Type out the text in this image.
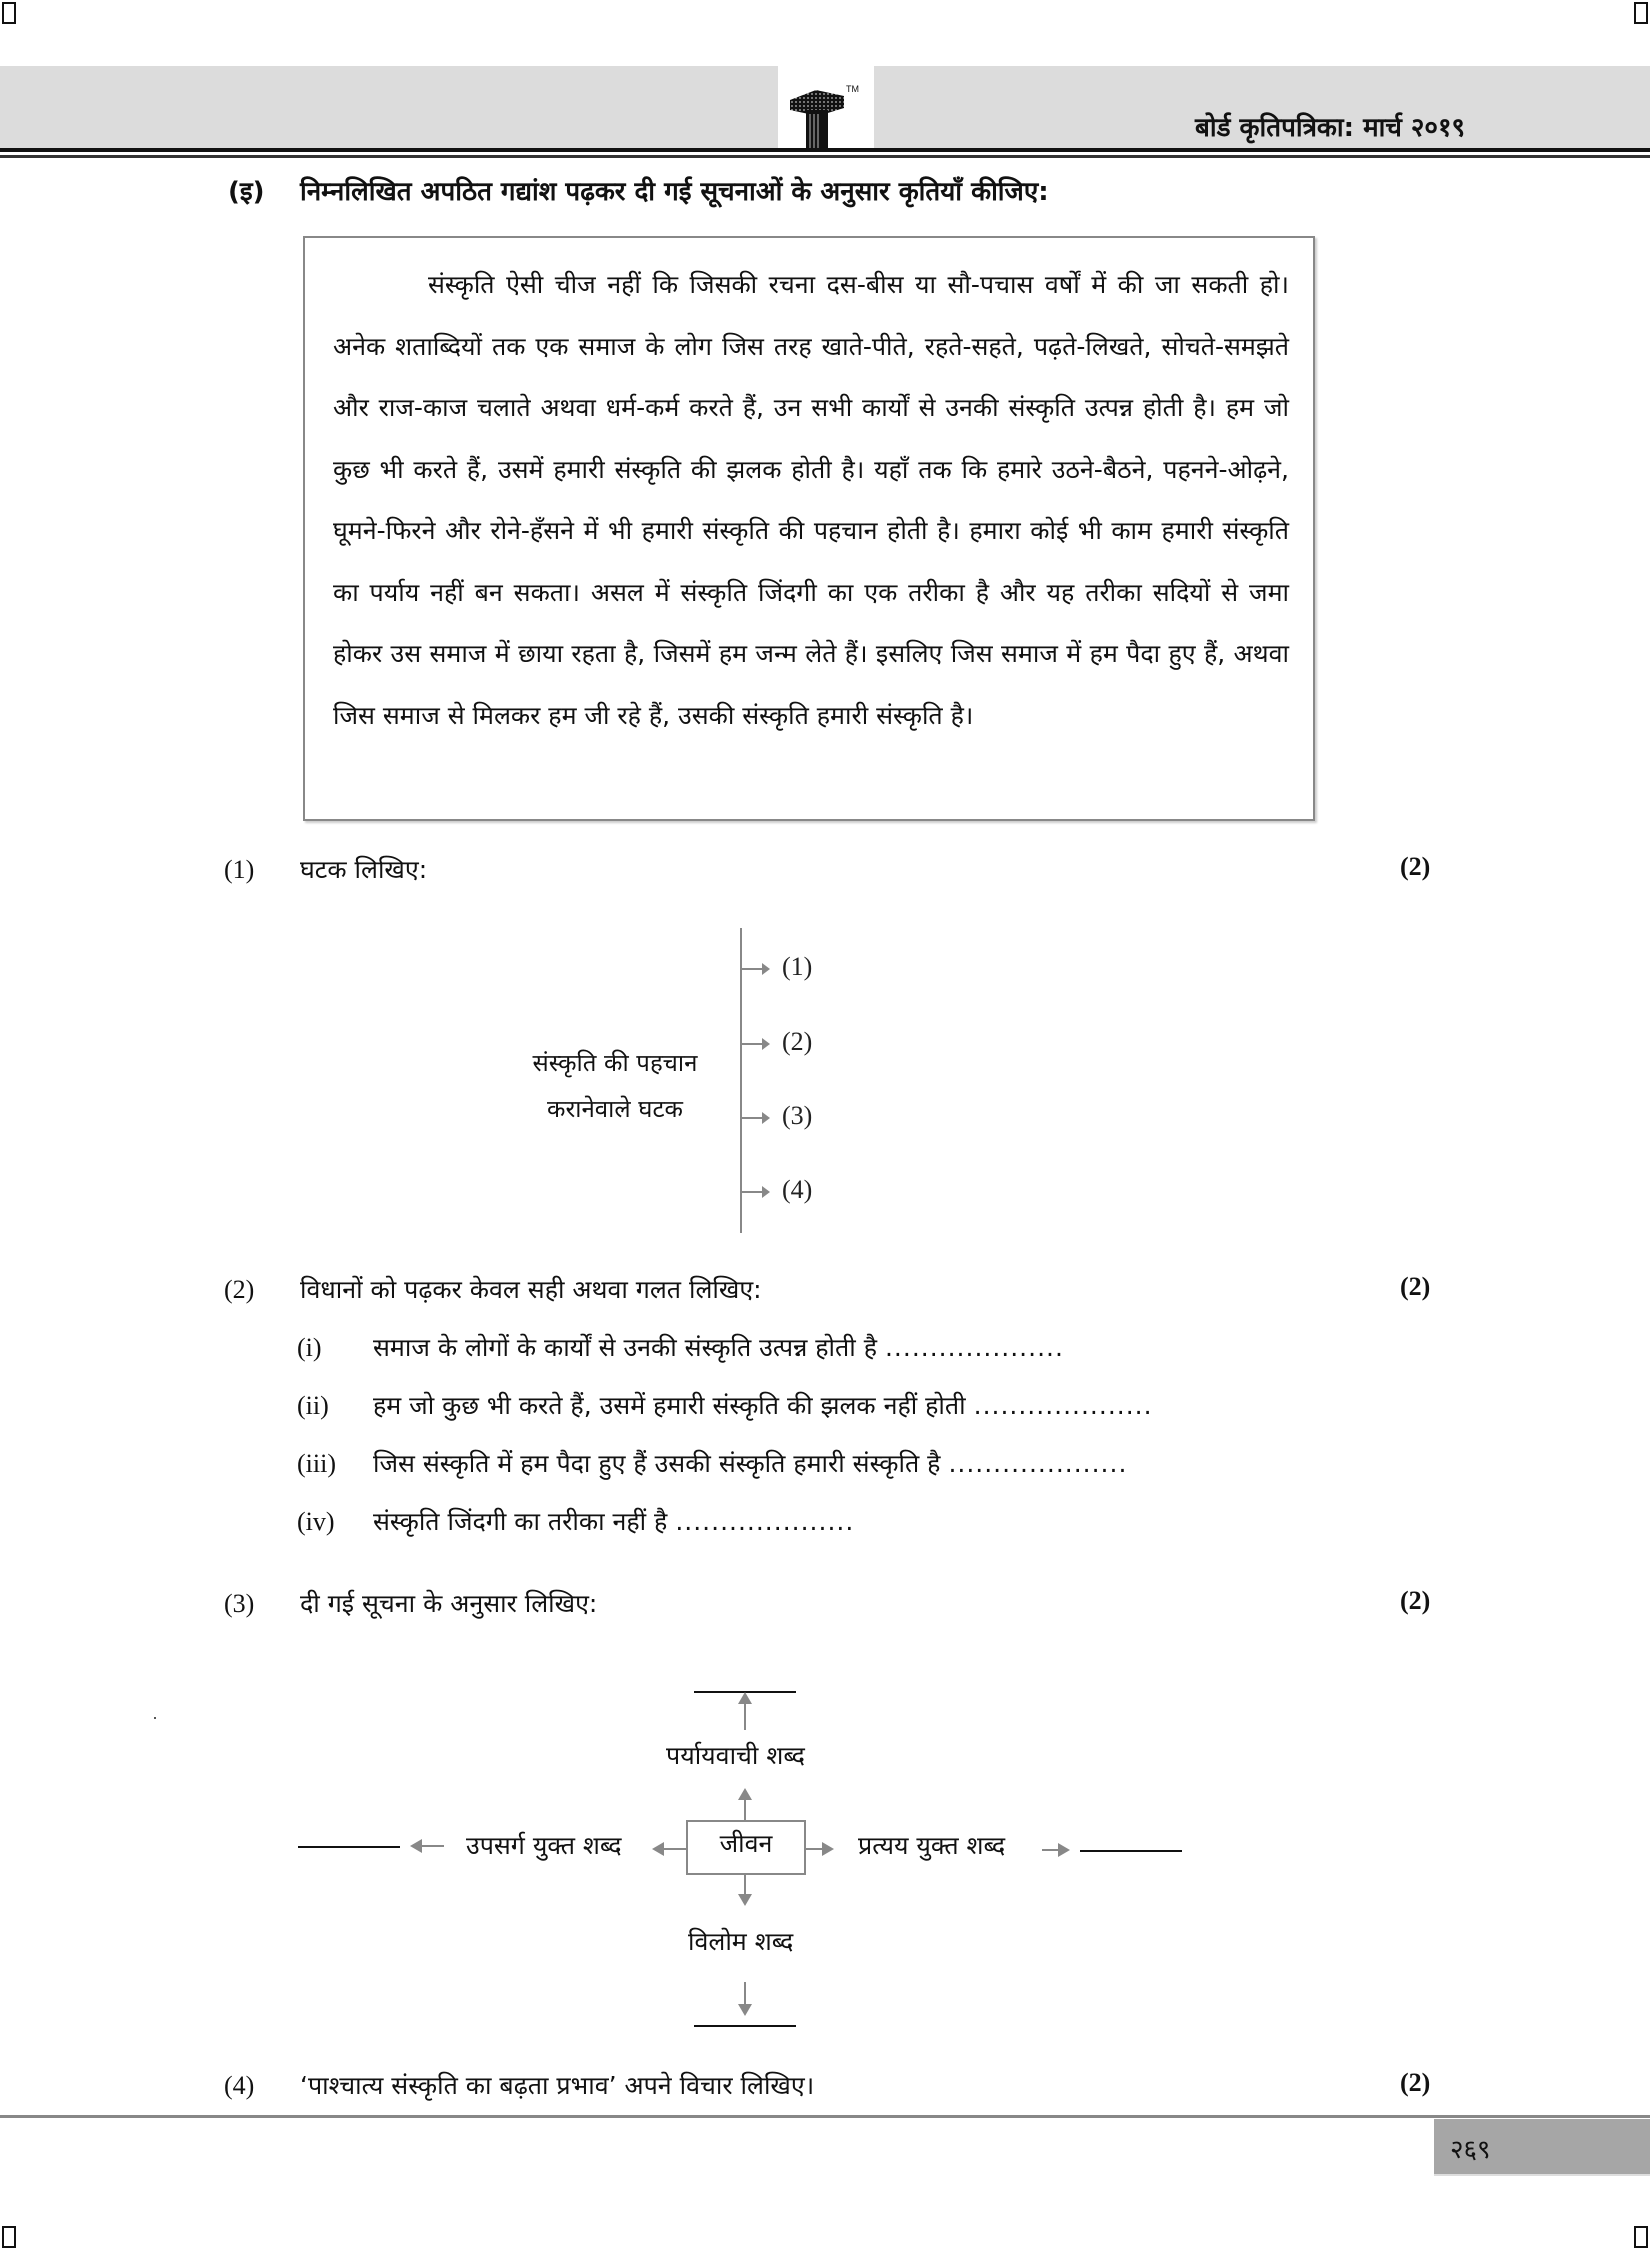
TM
बोर्ड कृतिपत्रिका: मार्च २०१९
(इ) निम्नलिखित अपठित गद्यांश पढ़कर दी गई सूचनाओं के अनुसार कृतियाँ कीजिए:

संस्कृति ऐसी चीज नहीं कि जिसकी रचना दस-बीस या सौ-पचास वर्षों में की जा सकती हो। अनेक शताब्दियों तक एक समाज के लोग जिस तरह खाते-पीते, रहते-सहते, पढ़ते-लिखते, सोचते-समझते और राज-काज चलाते अथवा धर्म-कर्म करते हैं, उन सभी कार्यों से उनकी संस्कृति उत्पन्न होती है। हम जो कुछ भी करते हैं, उसमें हमारी संस्कृति की झलक होती है। यहाँ तक कि हमारे उठने-बैठने, पहनने-ओढ़ने, घूमने-फिरने और रोने-हँसने में भी हमारी संस्कृति की पहचान होती है। हमारा कोई भी काम हमारी संस्कृति का पर्याय नहीं बन सकता। असल में संस्कृति जिंदगी का एक तरीका है और यह तरीका सदियों से जमा होकर उस समाज में छाया रहता है, जिसमें हम जन्म लेते हैं। इसलिए जिस समाज में हम पैदा हुए हैं, अथवा जिस समाज से मिलकर हम जी रहे हैं, उसकी संस्कृति हमारी संस्कृति है।

(1) घटक लिखिए:	(2)
संस्कृति की पहचान
करानेवाले घटक
(1)
(2)
(3)
(4)
(2) विधानों को पढ़कर केवल सही अथवा गलत लिखिए:	(2)
(i) समाज के लोगों के कार्यों से उनकी संस्कृति उत्पन्न होती है ....................
(ii) हम जो कुछ भी करते हैं, उसमें हमारी संस्कृति की झलक नहीं होती ....................
(iii) जिस संस्कृति में हम पैदा हुए हैं उसकी संस्कृति हमारी संस्कृति है ....................
(iv) संस्कृति जिंदगी का तरीका नहीं है ....................
(3) दी गई सूचना के अनुसार लिखिए:	(2)
पर्यायवाची शब्द
जीवन
उपसर्ग युक्त शब्द	प्रत्यय युक्त शब्द
विलोम शब्द
(4) ‘पाश्चात्य संस्कृति का बढ़ता प्रभाव’ अपने विचार लिखिए।	(2)
२६९
